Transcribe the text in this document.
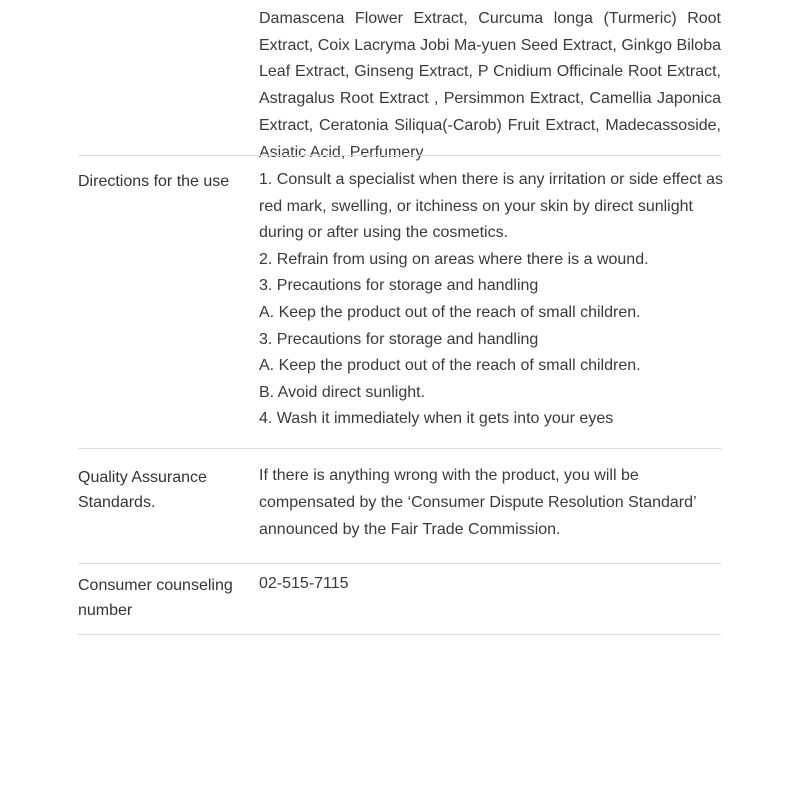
Damascena Flower Extract, Curcuma longa (Turmeric) Root Extract, Coix Lacryma Jobi Ma-yuen Seed Extract, Ginkgo Biloba Leaf Extract, Ginseng Extract, P Cnidium Officinale Root Extract, Astragalus Root Extract , Persimmon Extract, Camellia Japonica Extract, Ceratonia Siliqua(-Carob) Fruit Extract, Madecassoside, Asiatic Acid, Perfumery

Directions for the use	1. Consult a specialist when there is any irritation or side effect as red mark, swelling, or itchiness on your skin by direct sunlight during or after using the cosmetics.
2. Refrain from using on areas where there is a wound.
3. Precautions for storage and handling
A. Keep the product out of the reach of small children.
3. Precautions for storage and handling
A. Keep the product out of the reach of small children.
B. Avoid direct sunlight.
4. Wash it immediately when it gets into your eyes

Quality Assurance Standards.

If there is anything wrong with the product, you will be compensated by the ‘Consumer Dispute Resolution Standard’ announced by the Fair Trade Commission.

Consumer counseling number

02-515-7115
